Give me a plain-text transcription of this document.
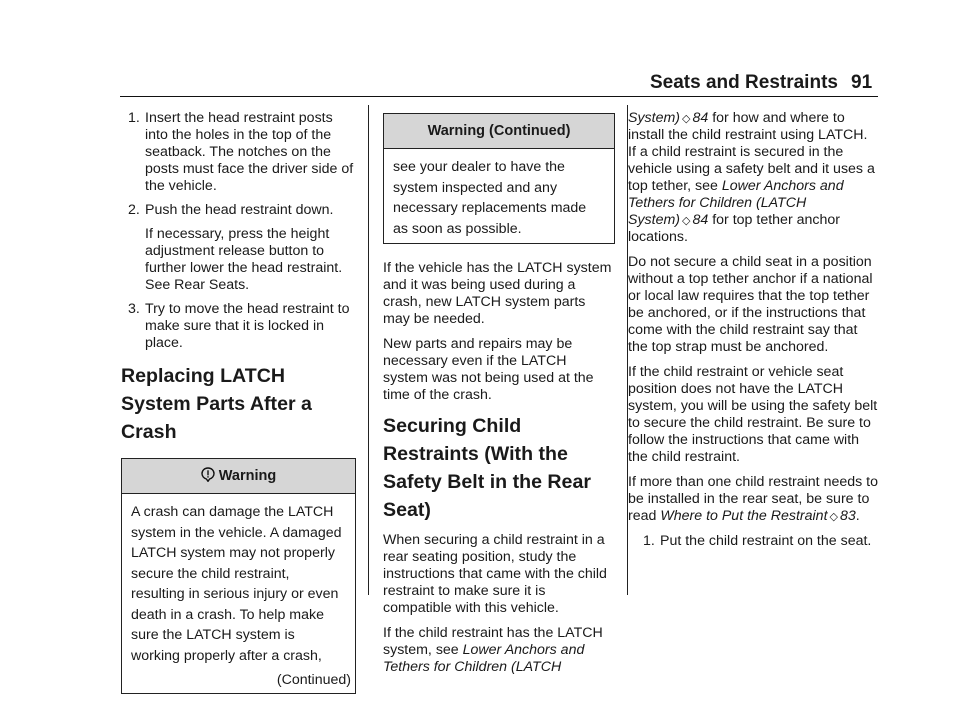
Seats and Restraints 91
1. Insert the head restraint posts into the holes in the top of the seatback. The notches on the posts must face the driver side of the vehicle.
2. Push the head restraint down.
If necessary, press the height adjustment release button to further lower the head restraint. See Rear Seats.
3. Try to move the head restraint to make sure that it is locked in place.
Replacing LATCH System Parts After a Crash
Warning
A crash can damage the LATCH system in the vehicle. A damaged LATCH system may not properly secure the child restraint, resulting in serious injury or even death in a crash. To help make sure the LATCH system is working properly after a crash,
(Continued)
Warning (Continued)
see your dealer to have the system inspected and any necessary replacements made as soon as possible.

If the vehicle has the LATCH system and it was being used during a crash, new LATCH system parts may be needed.

New parts and repairs may be necessary even if the LATCH system was not being used at the time of the crash.

Securing Child Restraints (With the Safety Belt in the Rear Seat)

When securing a child restraint in a rear seating position, study the instructions that came with the child restraint to make sure it is compatible with this vehicle.

If the child restraint has the LATCH system, see Lower Anchors and Tethers for Children (LATCH

System) ◇ 84 for how and where to install the child restraint using LATCH. If a child restraint is secured in the vehicle using a safety belt and it uses a top tether, see Lower Anchors and Tethers for Children (LATCH System) ◇ 84 for top tether anchor locations.

Do not secure a child seat in a position without a top tether anchor if a national or local law requires that the top tether be anchored, or if the instructions that come with the child restraint say that the top strap must be anchored.

If the child restraint or vehicle seat position does not have the LATCH system, you will be using the safety belt to secure the child restraint. Be sure to follow the instructions that came with the child restraint.

If more than one child restraint needs to be installed in the rear seat, be sure to read Where to Put the Restraint ◇ 83.

1. Put the child restraint on the seat.
